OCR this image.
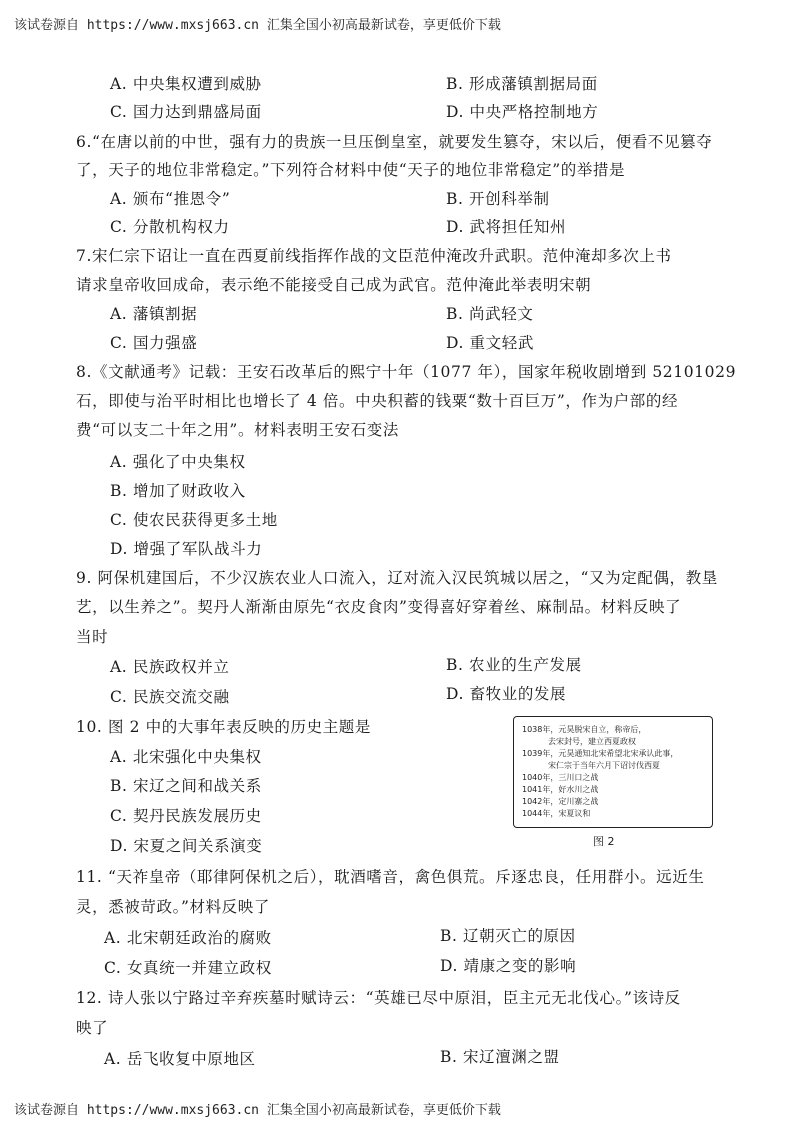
该试卷源自 https://www.mxsj663.cn 汇集全国小初高最新试卷，享更低价下载
A. 中央集权遭到威胁	B. 形成藩镇割据局面
C. 国力达到鼎盛局面	D. 中央严格控制地方
6.“在唐以前的中世，强有力的贵族一旦压倒皇室，就要发生篡夺，宋以后，便看不见篡夺
了，天子的地位非常稳定。”下列符合材料中使“天子的地位非常稳定”的举措是
A. 颁布“推恩令”	B. 开创科举制
C. 分散机构权力	D. 武将担任知州
7.宋仁宗下诏让一直在西夏前线指挥作战的文臣范仲淹改升武职。范仲淹却多次上书
请求皇帝收回成命，表示绝不能接受自己成为武官。范仲淹此举表明宋朝
A. 藩镇割据	B. 尚武轻文
C. 国力强盛	D. 重文轻武
8.《文献通考》记载：王安石改革后的熙宁十年（1077 年），国家年税收剧增到 52101029
石，即使与治平时相比也增长了 4 倍。中央积蓄的钱粟“数十百巨万”，作为户部的经
费“可以支二十年之用”。材料表明王安石变法
A. 强化了中央集权
B. 增加了财政收入
C. 使农民获得更多土地
D. 增强了军队战斗力
9. 阿保机建国后，不少汉族农业人口流入，辽对流入汉民筑城以居之，“又为定配偶，教垦
艺，以生养之”。契丹人渐渐由原先“衣皮食肉”变得喜好穿着丝、麻制品。材料反映了
当时
A. 民族政权并立	B. 农业的生产发展
C. 民族交流交融	D. 畜牧业的发展
10. 图 2 中的大事年表反映的历史主题是
A. 北宋强化中央集权
B. 宋辽之间和战关系
C. 契丹民族发展历史
D. 宋夏之间关系演变
1038年，元昊脱宋自立，称帝后，
去宋封号，建立西夏政权
1039年，元昊通知北宋希望北宋承认此事，
宋仁宗于当年六月下诏讨伐西夏
1040年，三川口之战
1041年，好水川之战
1042年，定川寨之战
1044年，宋夏议和
图 2
11. “天祚皇帝（耶律阿保机之后），耽酒嗜音，禽色俱荒。斥逐忠良，任用群小。远近生
灵，悉被苛政。”材料反映了
A. 北宋朝廷政治的腐败	B. 辽朝灭亡的原因
C. 女真统一并建立政权	D. 靖康之变的影响
12. 诗人张以宁路过辛弃疾墓时赋诗云：“英雄已尽中原泪，臣主元无北伐心。”该诗反
映了
A. 岳飞收复中原地区	B. 宋辽澶渊之盟
该试卷源自 https://www.mxsj663.cn 汇集全国小初高最新试卷，享更低价下载
